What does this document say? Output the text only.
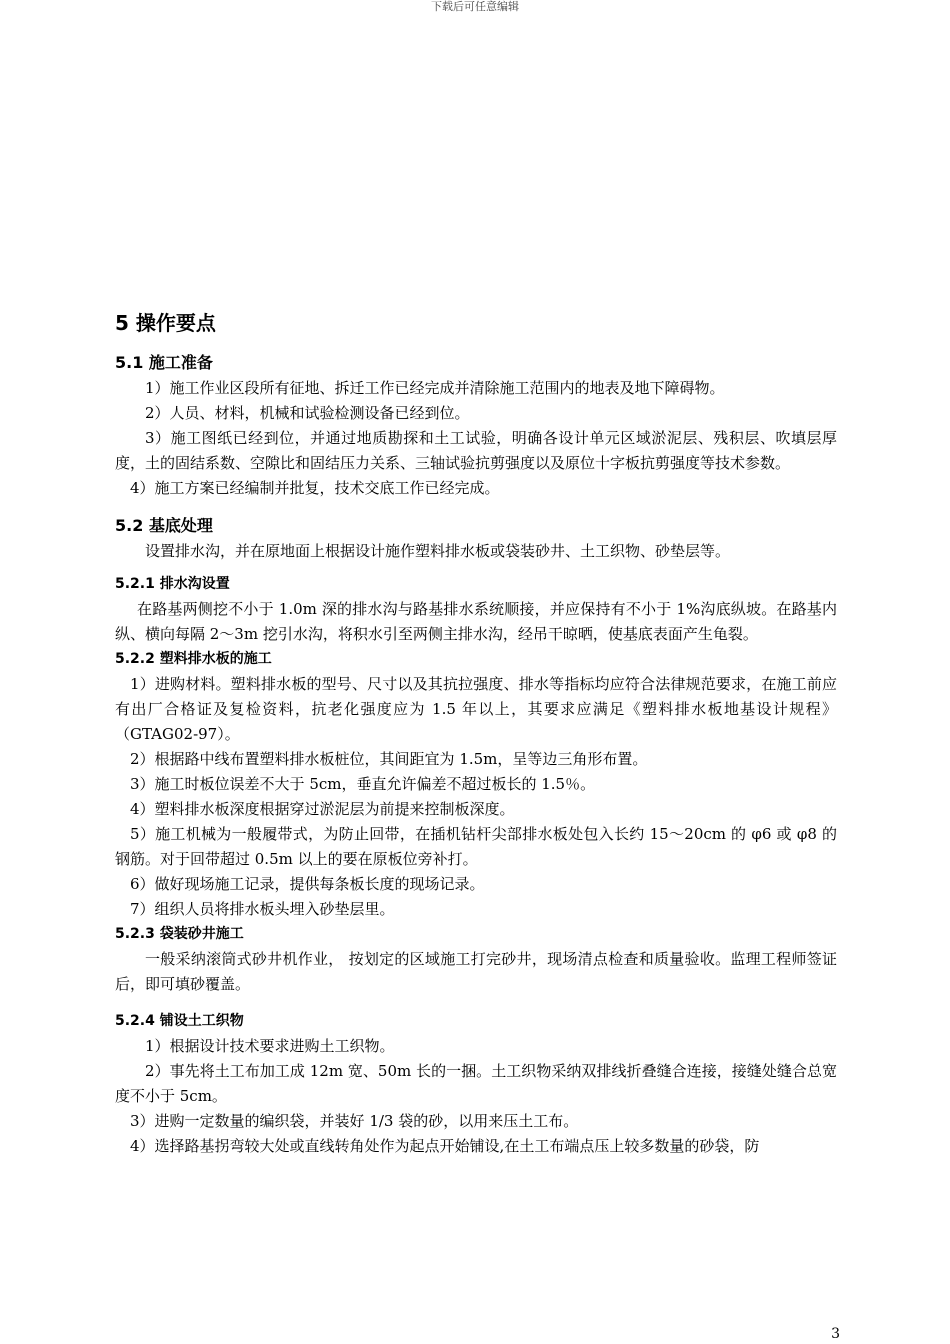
下载后可任意编辑
5 操作要点
5.1 施工准备

1）施工作业区段所有征地、拆迁工作已经完成并清除施工范围内的地表及地下障碍物。

2）人员、材料，机械和试验检测设备已经到位。

3）施工图纸已经到位，并通过地质勘探和土工试验，明确各设计单元区域淤泥层、残积层、吹填层厚度，土的固结系数、空隙比和固结压力关系、三轴试验抗剪强度以及原位十字板抗剪强度等技术参数。

4）施工方案已经编制并批复，技术交底工作已经完成。

5.2 基底处理

设置排水沟，并在原地面上根据设计施作塑料排水板或袋装砂井、土工织物、砂垫层等。

5.2.1 排水沟设置

在路基两侧挖不小于 1.0m 深的排水沟与路基排水系统顺接，并应保持有不小于 1%沟底纵坡。在路基内纵、横向每隔 2～3m 挖引水沟，将积水引至两侧主排水沟，经吊干晾晒，使基底表面产生龟裂。

5.2.2 塑料排水板的施工

1）进购材料。塑料排水板的型号、尺寸以及其抗拉强度、排水等指标均应符合法律规范要求，在施工前应有出厂合格证及复检资料，抗老化强度应为 1.5 年以上，其要求应满足《塑料排水板地基设计规程》（GTAG02-97）。

2）根据路中线布置塑料排水板桩位，其间距宜为 1.5m，呈等边三角形布置。

3）施工时板位误差不大于 5cm，垂直允许偏差不超过板长的 1.5％。

4）塑料排水板深度根据穿过淤泥层为前提来控制板深度。

5）施工机械为一般履带式，为防止回带，在插机钻杆尖部排水板处包入长约 15～20cm 的 φ6 或 φ8 的钢筋。对于回带超过 0.5m 以上的要在原板位旁补打。

6）做好现场施工记录，提供每条板长度的现场记录。

7）组织人员将排水板头埋入砂垫层里。

5.2.3 袋装砂井施工

一般采纳滚筒式砂井机作业， 按划定的区域施工打完砂井，现场清点检查和质量验收。监理工程师签证后，即可填砂覆盖。

5.2.4 铺设土工织物

1）根据设计技术要求进购土工织物。

2）事先将土工布加工成 12m 宽、50m 长的一捆。土工织物采纳双排线折叠缝合连接，接缝处缝合总宽度不小于 5cm。

3）进购一定数量的编织袋，并装好 1/3 袋的砂，以用来压土工布。

4）选择路基拐弯较大处或直线转角处作为起点开始铺设,在土工布端点压上较多数量的砂袋，防

3
